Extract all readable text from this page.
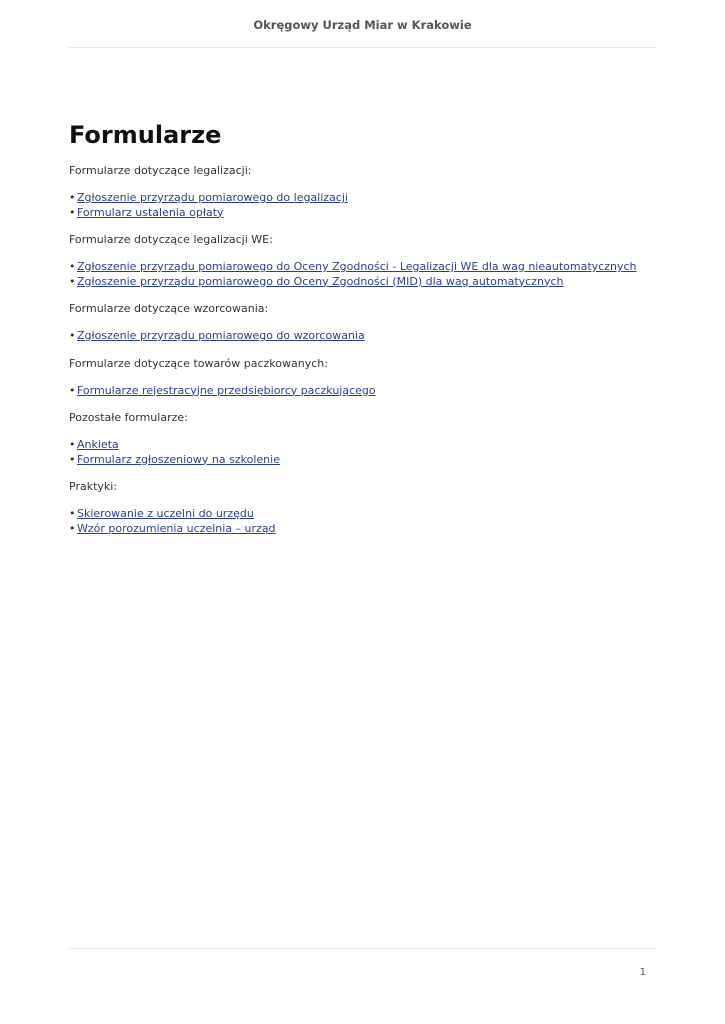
Okręgowy Urząd Miar w Krakowie
Formularze

Formularze dotyczące legalizacji:

• Zgłoszenie przyrządu pomiarowego do legalizacji
• Formularz ustalenia opłaty

Formularze dotyczące legalizacji WE:

• Zgłoszenie przyrządu pomiarowego do Oceny Zgodności - Legalizacji WE dla wag nieautomatycznych
• Zgłoszenie przyrządu pomiarowego do Oceny Zgodności (MID) dla wag automatycznych

Formularze dotyczące wzorcowania:

• Zgłoszenie przyrządu pomiarowego do wzorcowania

Formularze dotyczące towarów paczkowanych:

• Formularze rejestracyjne przedsiębiorcy paczkującego

Pozostałe formularze:

• Ankieta
• Formularz zgłoszeniowy na szkolenie

Praktyki:

• Skierowanie z uczelni do urzędu
• Wzór porozumienia uczelnia – urząd
1
